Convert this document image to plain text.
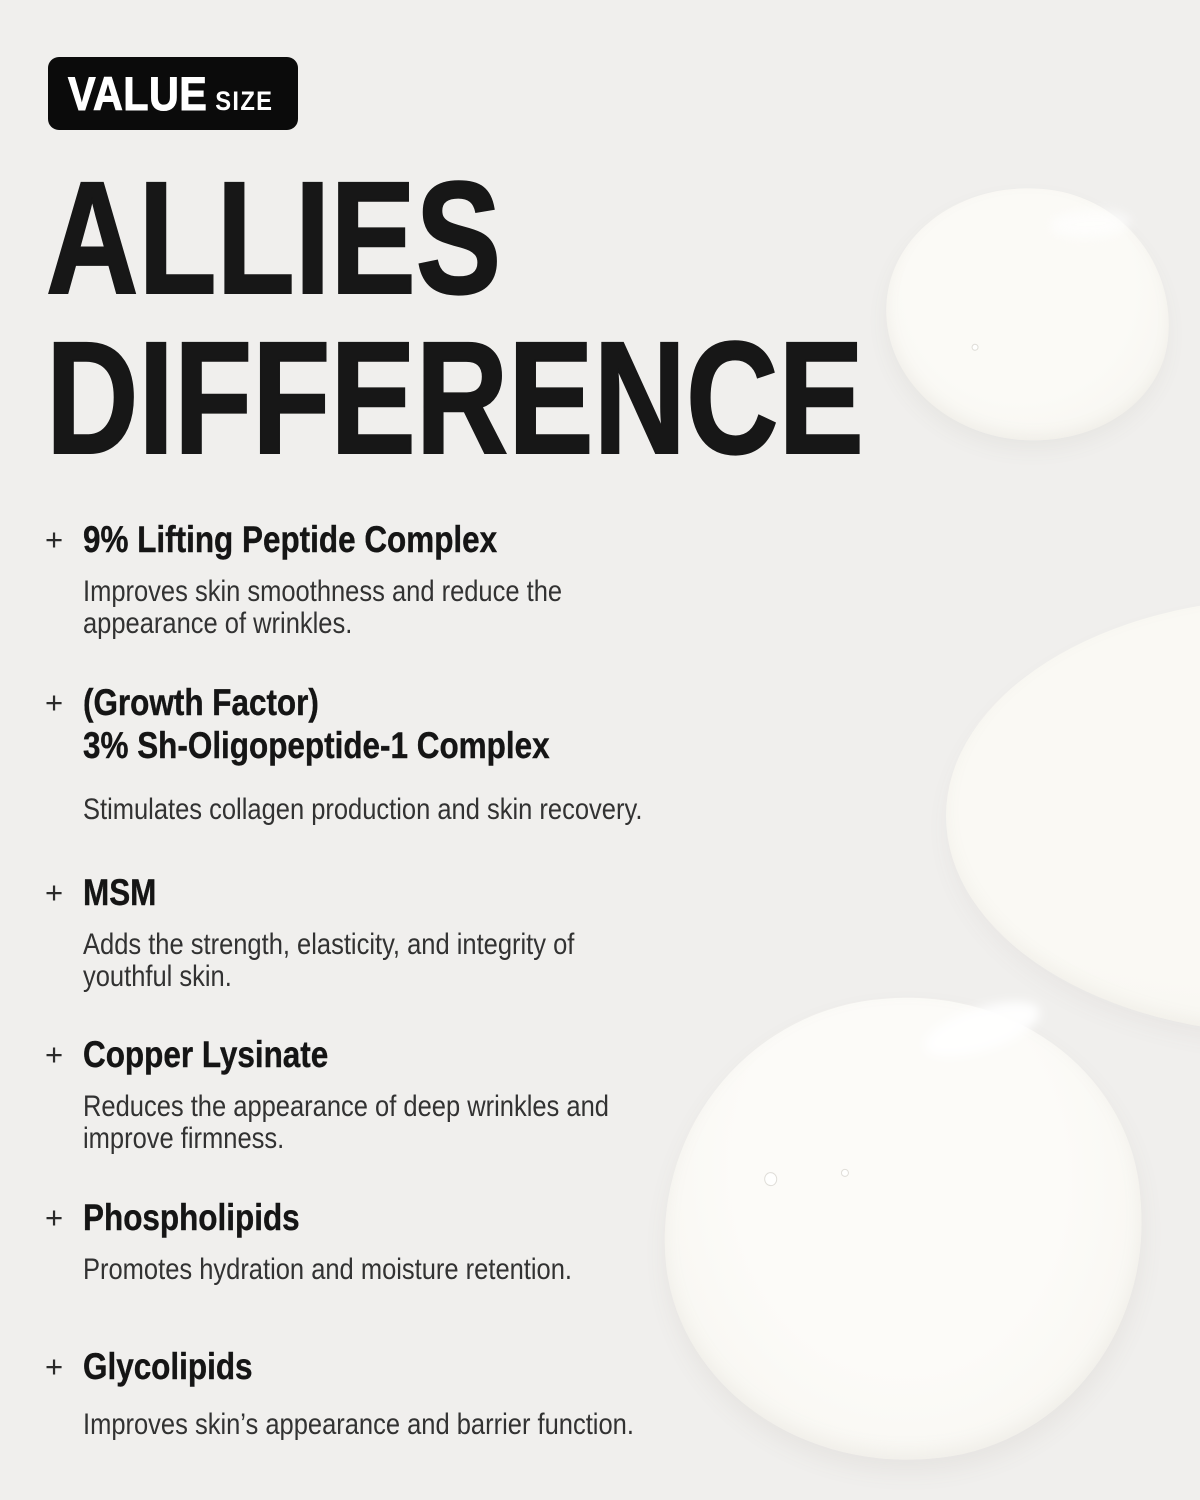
VALUE SIZE
ALLIES
DIFFERENCE
+ 9% Lifting Peptide Complex
Improves skin smoothness and reduce the
appearance of wrinkles.
+ (Growth Factor)
3% Sh-Oligopeptide-1 Complex
Stimulates collagen production and skin recovery.
+ MSM
Adds the strength, elasticity, and integrity of
youthful skin.
+ Copper Lysinate
Reduces the appearance of deep wrinkles and
improve firmness.
+ Phospholipids
Promotes hydration and moisture retention.
+ Glycolipids
Improves skin’s appearance and barrier function.
